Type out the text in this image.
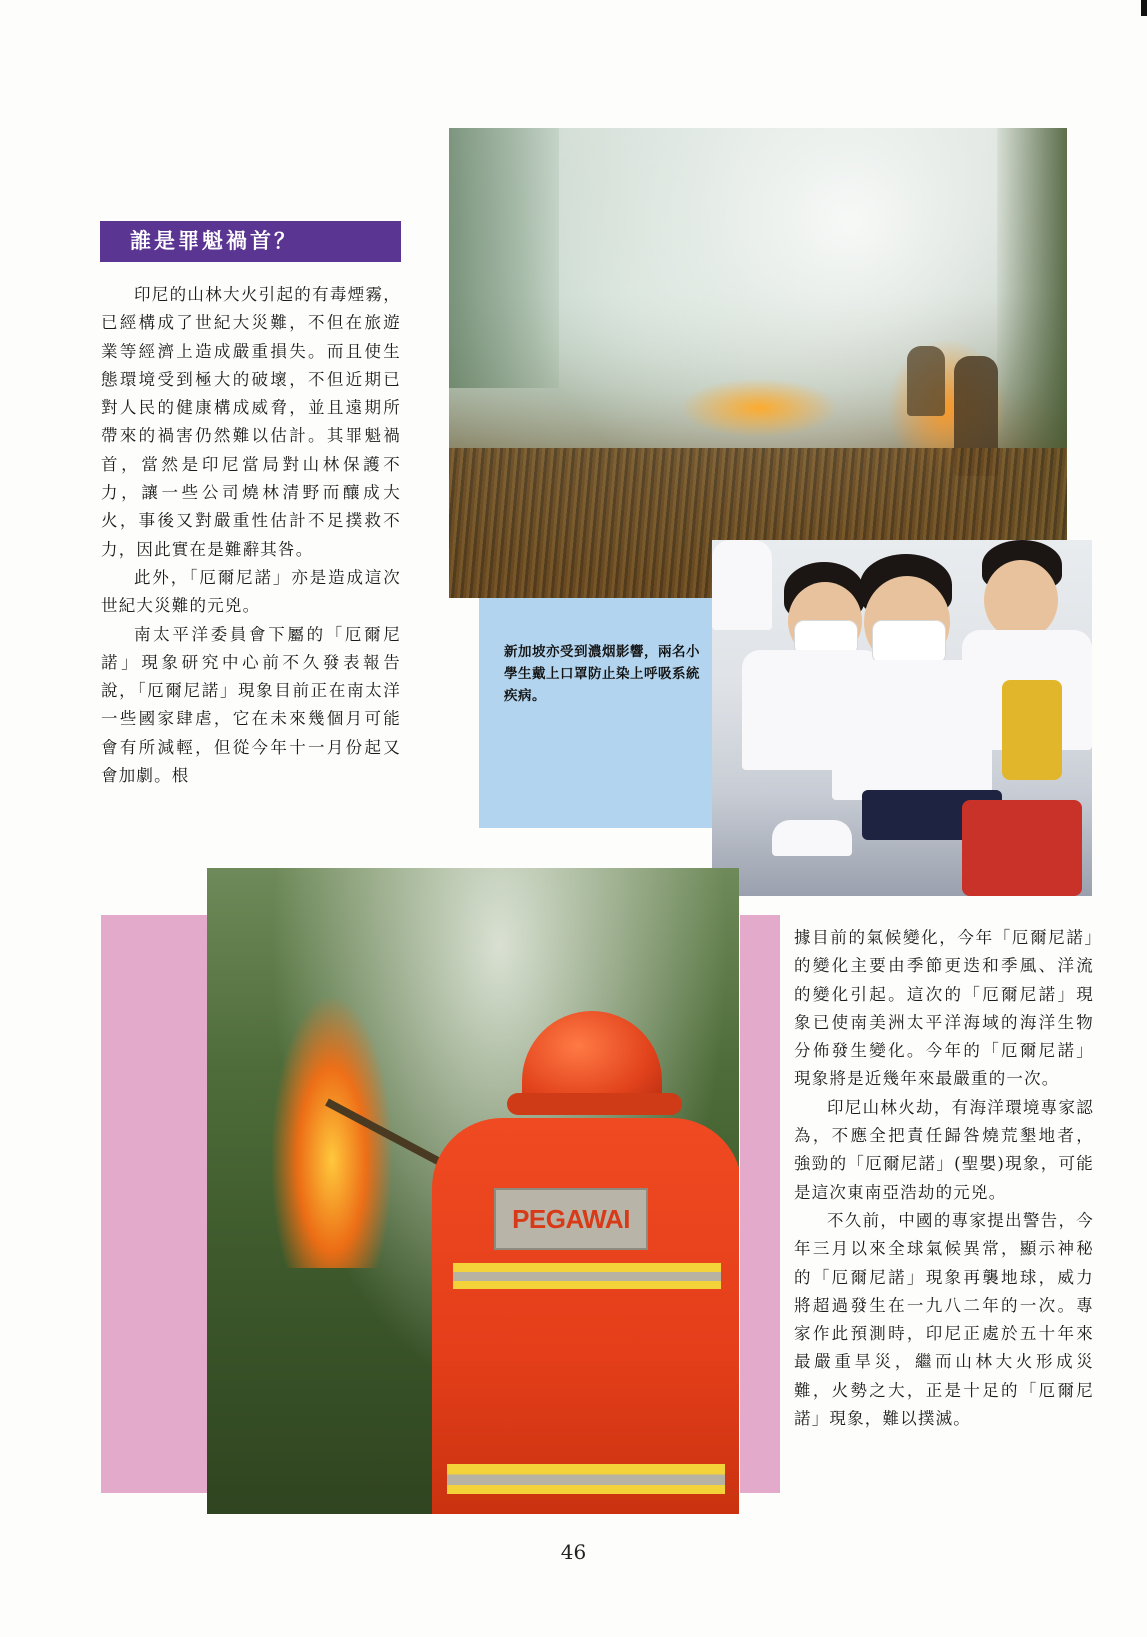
誰是罪魁禍首？

印尼的山林大火引起的有毒煙霧，已經構成了世紀大災難，不但在旅遊業等經濟上造成嚴重損失。而且使生態環境受到極大的破壞，不但近期已對人民的健康構成威脅，並且遠期所帶來的禍害仍然難以估計。其罪魁禍首，當然是印尼當局對山林保護不力，讓一些公司燒林清野而釀成大火，事後又對嚴重性估計不足撲救不力，因此實在是難辭其咎。

此外，「厄爾尼諾」亦是造成這次世紀大災難的元兇。

南太平洋委員會下屬的「厄爾尼諾」現象研究中心前不久發表報告說，「厄爾尼諾」現象目前正在南太洋一些國家肆虐，它在未來幾個月可能會有所減輕，但從今年十一月份起又會加劇。根

新加坡亦受到濃烟影響，兩名小學生戴上口罩防止染上呼吸系統疾病。
PEGAWAI

據目前的氣候變化，今年「厄爾尼諾」的變化主要由季節更迭和季風、洋流的變化引起。這次的「厄爾尼諾」現象已使南美洲太平洋海域的海洋生物分佈發生變化。今年的「厄爾尼諾」現象將是近幾年來最嚴重的一次。

印尼山林火劫，有海洋環境專家認為，不應全把責任歸咎燒荒墾地者，強勁的「厄爾尼諾」(聖嬰)現象，可能是這次東南亞浩劫的元兇。

不久前，中國的專家提出警告，今年三月以來全球氣候異常，顯示神秘的「厄爾尼諾」現象再襲地球，威力將超過發生在一九八二年的一次。專家作此預測時，印尼正處於五十年來最嚴重旱災，繼而山林大火形成災難，火勢之大，正是十足的「厄爾尼諾」現象，難以撲滅。

46
